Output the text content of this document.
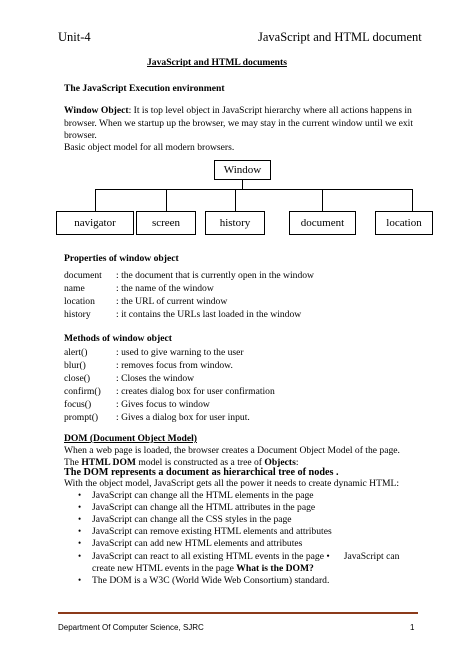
Unit-4	JavaScript and HTML document
JavaScript and HTML documents
The JavaScript Execution environment
Window Object: It is top level object in JavaScript hierarchy where all actions happens in
browser. When we startup up the browser, we may stay in the current window until we exit
browser.
Basic object model for all modern browsers.
Window
navigator	screen	history	document	location
Properties of window object
document : the document that is currently open in the window
name	: the name of the window
location : the URL of current window
history	: it contains the URLs last loaded in the window
Methods of window object
alert()	: used to give warning to the user
blur()	: removes focus from window.
close()	: Closes the window
confirm() : creates dialog box for user confirmation
focus()	: Gives focus to window
prompt() : Gives a dialog box for user input.
DOM (Document Object Model)
When a web page is loaded, the browser creates a Document Object Model of the page.
The HTML DOM model is constructed as a tree of Objects:
The DOM represents a document as hierarchical tree of nodes .
With the object model, JavaScript gets all the power it needs to create dynamic HTML:
• JavaScript can change all the HTML elements in the page
• JavaScript can change all the HTML attributes in the page
• JavaScript can change all the CSS styles in the page
• JavaScript can remove existing HTML elements and attributes
• JavaScript can add new HTML elements and attributes
• JavaScript can react to all existing HTML events in the page • JavaScript can
create new HTML events in the page What is the DOM?
• The DOM is a W3C (World Wide Web Consortium) standard.
Department Of Computer Science, SJRC	1
